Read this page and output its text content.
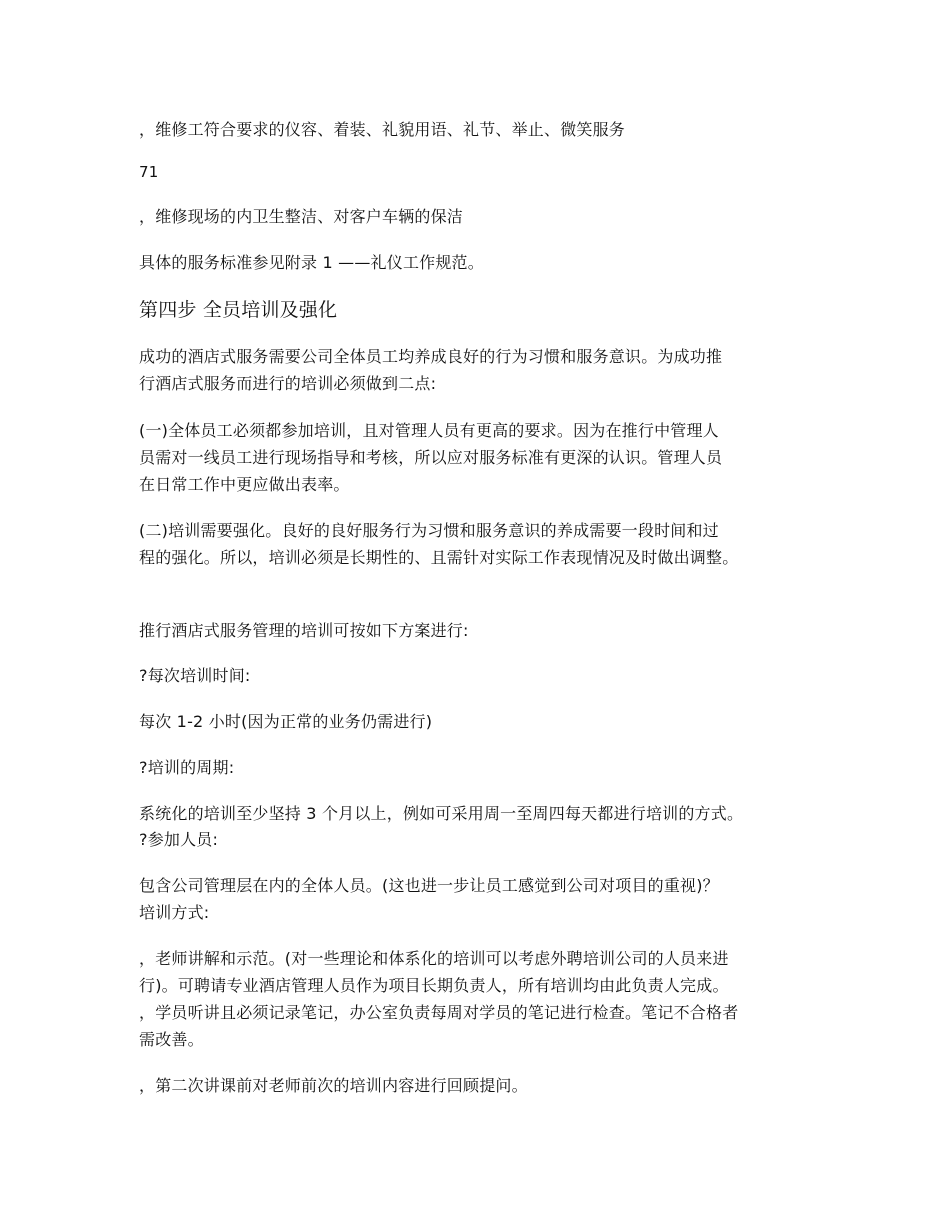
，维修工符合要求的仪容、着装、礼貌用语、礼节、举止、微笑服务
71
，维修现场的内卫生整洁、对客户车辆的保洁
具体的服务标准参见附录 1 ——礼仪工作规范。
第四步 全员培训及强化
成功的酒店式服务需要公司全体员工均养成良好的行为习惯和服务意识。为成功推
行酒店式服务而进行的培训必须做到二点:
(一)全体员工必须都参加培训，且对管理人员有更高的要求。因为在推行中管理人
员需对一线员工进行现场指导和考核，所以应对服务标准有更深的认识。管理人员
在日常工作中更应做出表率。
(二)培训需要强化。良好的良好服务行为习惯和服务意识的养成需要一段时间和过
程的强化。所以，培训必须是长期性的、且需针对实际工作表现情况及时做出调整。
推行酒店式服务管理的培训可按如下方案进行:
?每次培训时间:
每次 1-2 小时(因为正常的业务仍需进行)
?培训的周期:
系统化的培训至少坚持 3 个月以上，例如可采用周一至周四每天都进行培训的方式。
?参加人员:
包含公司管理层在内的全体人员。(这也进一步让员工感觉到公司对项目的重视)？
培训方式:
，老师讲解和示范。(对一些理论和体系化的培训可以考虑外聘培训公司的人员来进
行)。可聘请专业酒店管理人员作为项目长期负责人，所有培训均由此负责人完成。
，学员听讲且必须记录笔记，办公室负责每周对学员的笔记进行检查。笔记不合格者
需改善。
，第二次讲课前对老师前次的培训内容进行回顾提问。
